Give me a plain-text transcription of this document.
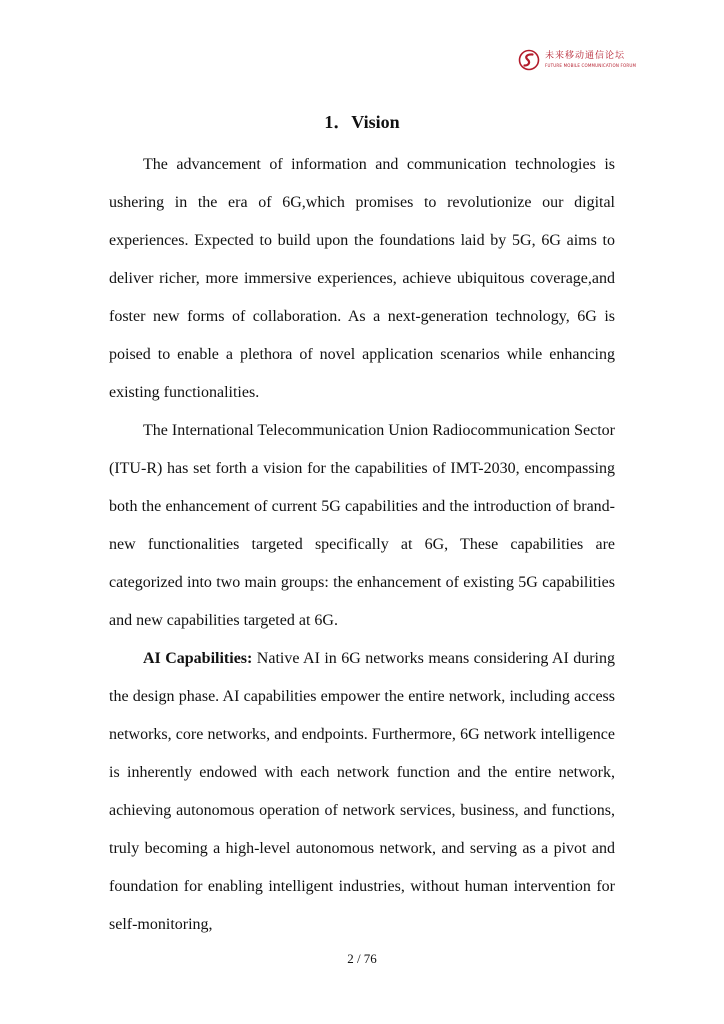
未来移动通信论坛
FUTURE MOBILE COMMUNICATION FORUM
1．Vision

The advancement of information and communication technologies is ushering in the era of 6G,which promises to revolutionize our digital experiences. Expected to build upon the foundations laid by 5G, 6G aims to deliver richer, more immersive experiences, achieve ubiquitous coverage,and foster new forms of collaboration. As a next-generation technology, 6G is poised to enable a plethora of novel application scenarios while enhancing existing functionalities.

The International Telecommunication Union Radiocommunication Sector (ITU-R) has set forth a vision for the capabilities of IMT-2030, encompassing both the enhancement of current 5G capabilities and the introduction of brand-new functionalities targeted specifically at 6G, These capabilities are categorized into two main groups: the enhancement of existing 5G capabilities and new capabilities targeted at 6G.

AI Capabilities: Native AI in 6G networks means considering AI during the design phase. AI capabilities empower the entire network, including access networks, core networks, and endpoints. Furthermore, 6G network intelligence is inherently endowed with each network function and the entire network, achieving autonomous operation of network services, business, and functions, truly becoming a high-level autonomous network, and serving as a pivot and foundation for enabling intelligent industries, without human intervention for self-monitoring,

2 / 76
